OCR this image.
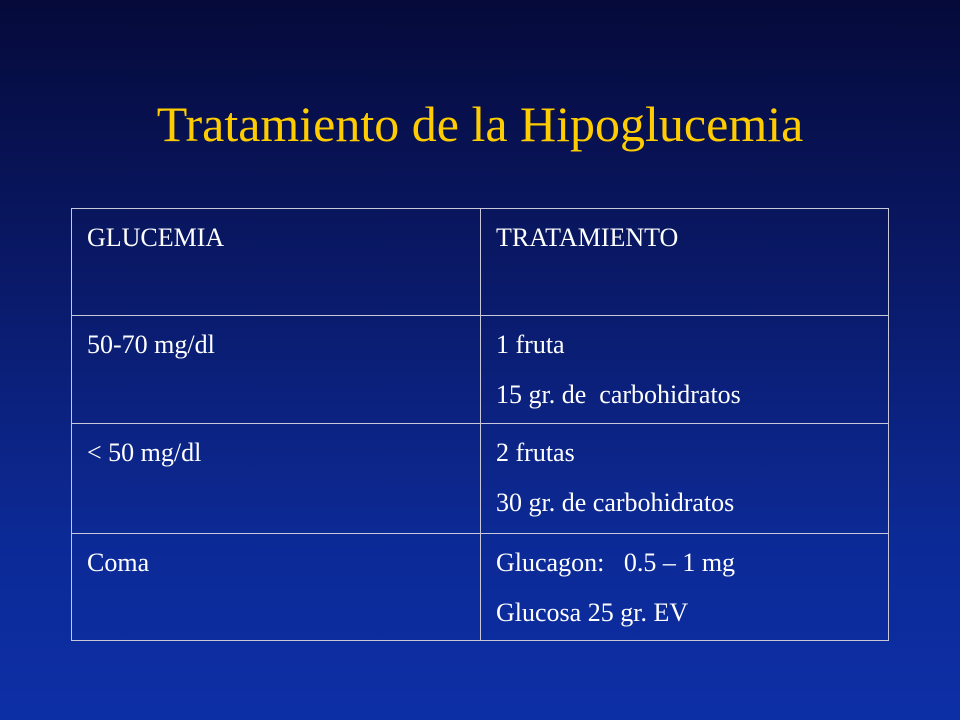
Tratamiento de la Hipoglucemia
GLUCEMIA	TRATAMIENTO

50-70 mg/dl	1 fruta
15 gr. de  carbohidratos

< 50 mg/dl	2 frutas
30 gr. de carbohidratos

Coma	Glucagon:   0.5 – 1 mg
Glucosa 25 gr. EV
